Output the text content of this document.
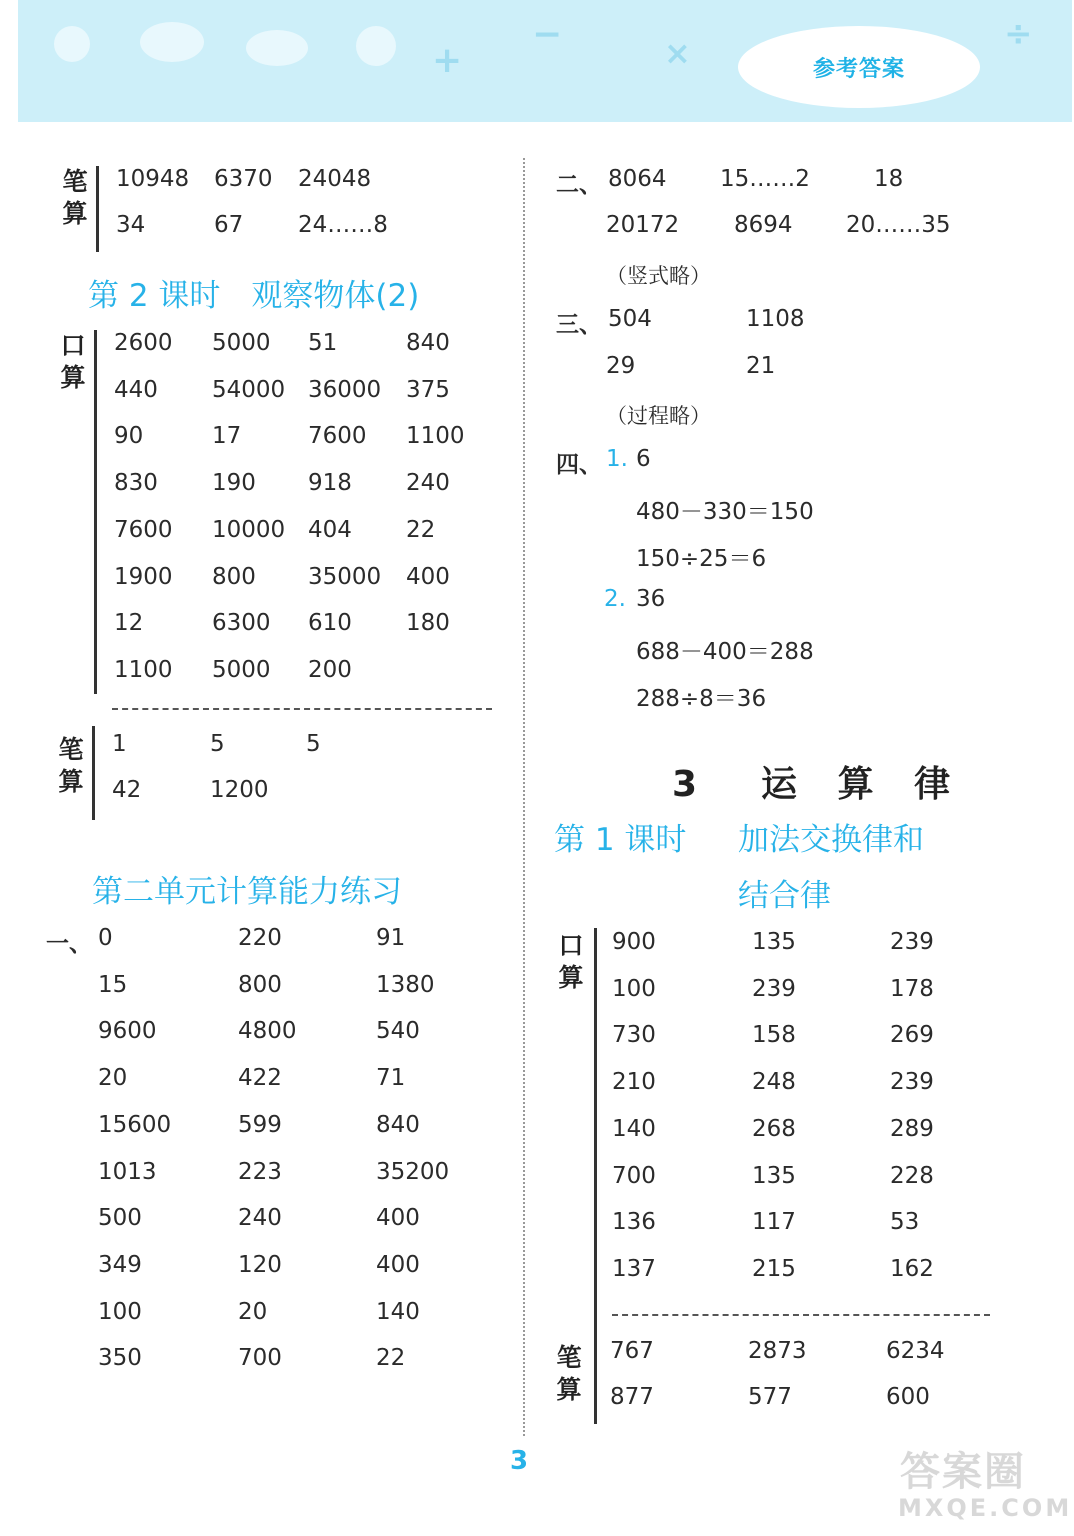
+
−	×	÷
参考答案
笔
算
10948 6370 24048
34	67 24……8
第 2 课时　观察物体(2)
口
算
2600 5000 51	840
440 54000 36000 375
90	17	7600 1100
830 190 918 240
7600 10000 404 22
1900 800 35000 400
12	6300 610 180
1100 5000 200
笔
算
1	5	5
42	1200
第二单元计算能力练习
一、 0	220	91
15	800	1380
9600	4800	540
20	422	71
15600	599	840
1013	223	35200
500	240	400
349	120	400
100	20	140
350	700	22
二、 8064 15……2	18
20172 8694 20……35
（竖式略）
三、 504	1108
29	21
（过程略）
四、 1. 6
480－330＝150
150÷25＝6
2. 36
688－400＝288
288÷8＝36
3　运 算 律
第 1 课时 加法交换律和
结合律
口
算
900	135	239
100	239	178
730	158	269
210	248	239
140	268	289
700	135	228
136	117	53
137	215	162
笔
算
767	2873	6234
877	577	600
3	答案圈
MXQE.COM
